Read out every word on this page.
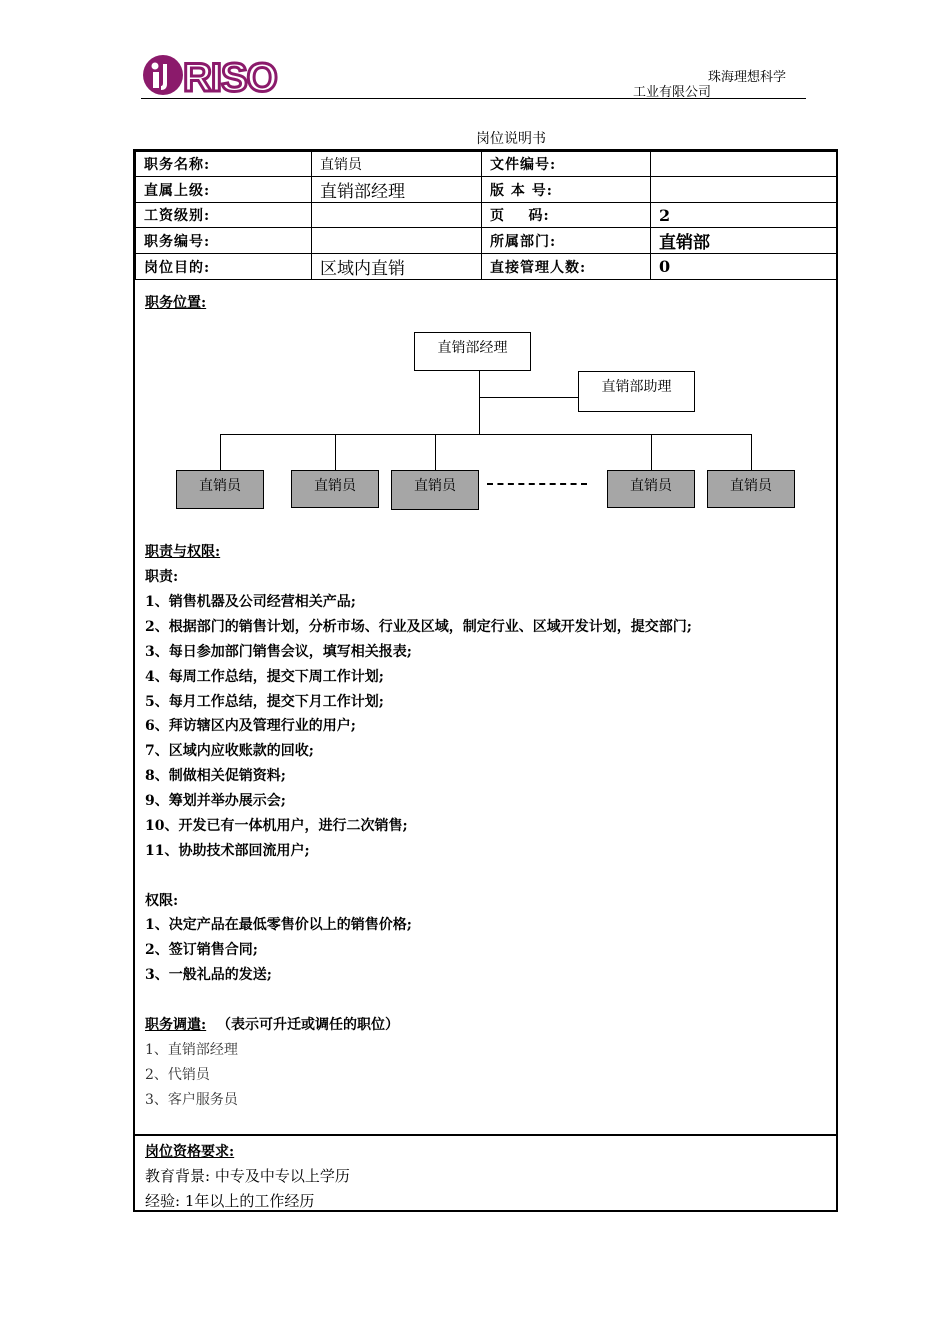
RISO	珠海理想科学
工业有限公司
岗位说明书
职务名称:	直销员	文件编号:	
直属上级:	直销部经理	版 本 号:	
工资级别:		页    码:	2
职务编号:		所属部门:	直销部
岗位目的:	区域内直销	直接管理人数:	0
职务位置:
直销部经理
直销部助理
直销员	直销员	直销员	直销员	直销员
职责与权限:
职责:
1、销售机器及公司经营相关产品;
2、根据部门的销售计划，分析市场、行业及区域，制定行业、区域开发计划，提交部门;
3、每日参加部门销售会议，填写相关报表;
4、每周工作总结，提交下周工作计划;
5、每月工作总结，提交下月工作计划;
6、拜访辖区内及管理行业的用户;
7、区域内应收账款的回收;
8、制做相关促销资料;
9、筹划并举办展示会;
10、开发已有一体机用户，进行二次销售;
11、协助技术部回流用户;
权限:
1、决定产品在最低零售价以上的销售价格;
2、签订销售合同;
3、一般礼品的发送;
职务调遣: （表示可升迁或调任的职位）
1、直销部经理
2、代销员
3、客户服务员
岗位资格要求:
教育背景: 中专及中专以上学历
经验: 1年以上的工作经历
